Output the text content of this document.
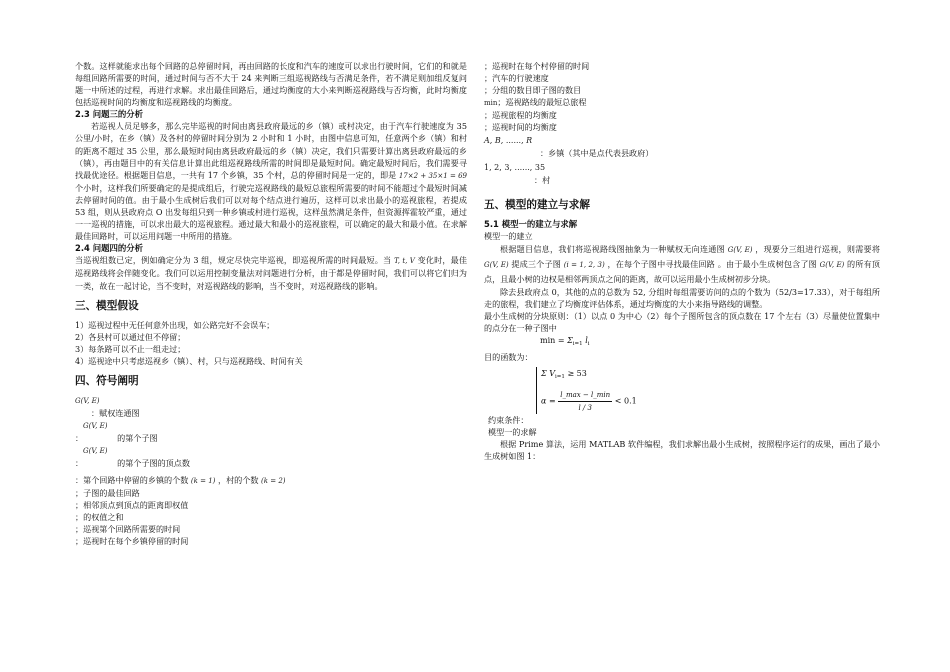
个数。这样就能求出每个回路的总停留时间，再由回路的长度和汽车的速度可以求出行驶时间，它们的和就是每组回路所需要的时间，通过时间与否不大于 24 来判断三组巡视路线与否满足条件，若不满足则加组反复问题一中所述的过程，再进行求解。求出最佳回路后，通过均衡度的大小来判断巡视路线与否均衡，此时均衡度包括巡视时间的均衡度和巡视路线的均衡度。

2.3 问题三的分析

若巡视人员足够多，那么完毕巡视的时间由离县政府最远的乡（镇）或村决定，由于汽车行驶速度为 35 公里/小时，在乡（镇）及各村的停留时间分别为 2 小时和 1 小时，由图中信息可知，任意两个乡（镇）和村的距离不超过 35 公里，那么最短时间由离县政府最远的乡（镇）决定，我们只需要计算出离县政府最远的乡（镇），再由题目中的有关信息计算出此组巡视路线所需的时间即是最短时间。确定最短时间后，我们需要寻找最优途径。根据题目信息，一共有 17 个乡镇，35 个村，总的停留时间是一定的，即是 17×2 + 35×1 = 69 个小时，这样我们所要确定的是提成组后，行驶完巡视路线的最短总旅程所需要的时间不能超过个最短时间减去停留时间的值。由于最小生成树后我们可以对每个结点进行遍历，这样可以求出最小的巡视旅程，若提成 53 组，则从县政府点 O 出发每组只到一种乡镇或村进行巡视，这样虽然满足条件，但资源挥霍较严重，通过一一巡视的措施，可以求出最大的巡视旅程。通过最大和最小的巡视旅程，可以确定的最大和最小值。在求解最佳回路时，可以运用问题一中所用的措施。

2.4 问题四的分析

当巡视组数已定，例如确定分为 3 组，规定尽快完毕巡视，即巡视所需的时间最短。当 T, t, V 变化时，最佳巡视路线将会伴随变化。我们可以运用控制变量法对问题进行分析，由于都是停留时间，我们可以将它们归为一类，故在一起讨论，当不变时，对巡视路线的影响，当不变时，对巡视路线的影响。

三、模型假设

1）巡视过程中无任何意外出现，如公路完好不会误车；

2）各县村可以通过但不停留；

3）每条路可以不止一组走过；

4）巡视途中只考虑巡视乡（镇）、村，只与巡视路线、时间有关

四、符号阐明

G(V, E)
：赋权连通图

G(V, E)
：	的第个子图

G(V, E)
：	的第个子图的顶点数

：第个回路中停留的乡镇的个数 (k = 1) ，村的个数 (k = 2)

；子图的最佳回路

；相邻顶点到顶点的距离即权值

；的权值之和

；巡视第个回路所需要的时间

；巡视时在每个乡镇停留的时间

；巡视时在每个村停留的时间

；汽车的行驶速度

；分组的数目即子图的数目

min；巡视路线的最短总旅程

；巡视旅程的均衡度

；巡视时间的均衡度

A, B, ......, R
：乡镇（其中是点代表县政府）

1, 2, 3, ......, 35
：村

五、模型的建立与求解

5.1 模型一的建立与求解

模型一的建立

根据题目信息，我们将巡视路线图抽象为一种赋权无向连通图 G(V, E) ，现要分三组进行巡视，则需要将 G(V, E) 提成三个子图 (i = 1, 2, 3) ，在每个子图中寻找最佳回路 。由于最小生成树包含了图 G(V, E) 的所有顶点，且最小树的边权是相邻两顶点之间的距离，故可以运用最小生成树初步分块。

除去县政府点 0，其他的点的总数为 52, 分组时每组需要访问的点的个数为（52/3=17.33），对于每组所走的旅程，我们建立了均衡度评估体系，通过均衡度的大小来指导路线的调整。

最小生成树的分块原则：（1）以点 0 为中心（2）每个子图所包含的顶点数在 17 个左右（3）尽量使位置集中的点分在一种子图中

$\min = \Sigma_{i=1}$ $l_i$

目的函数为：

Σ $V_{i=1} \ge 53$

$\alpha = \frac{l\_\max - l\_\min}{l / 3} < 0.1$

约束条件：

模型一的求解

根据 Prime 算法，运用 MATLAB 软件编程，我们求解出最小生成树，按照程序运行的成果，画出了最小生成树如图 1：
